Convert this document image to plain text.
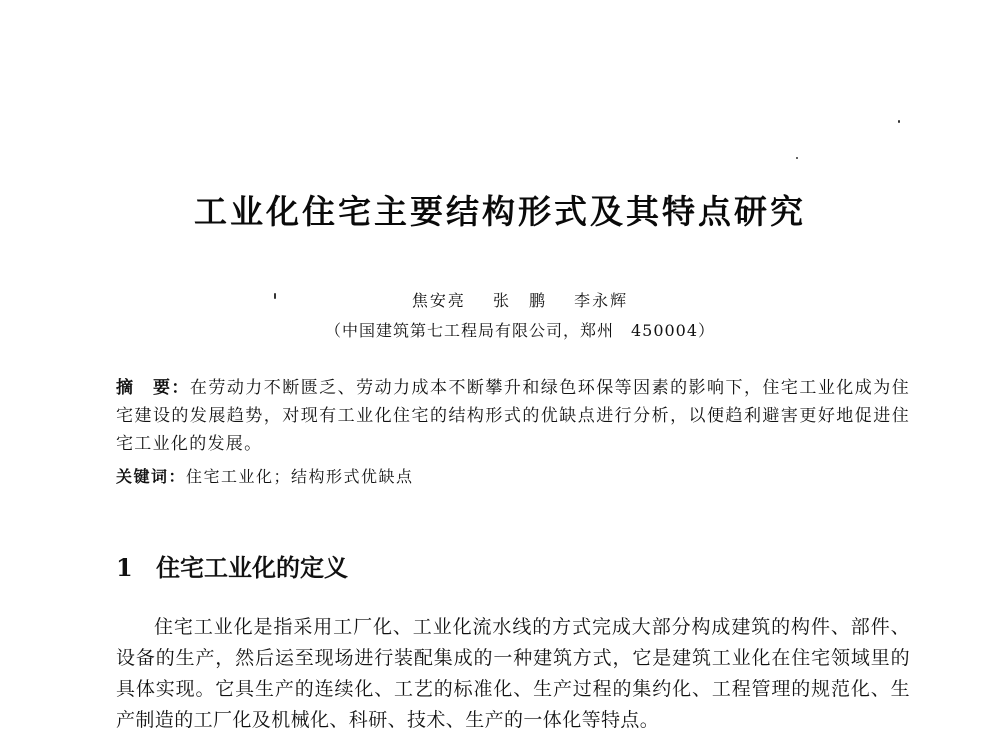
工业化住宅主要结构形式及其特点研究
焦安亮 张　鹏 李永辉
（中国建筑第七工程局有限公司，郑州　450004）
摘　要：在劳动力不断匮乏、劳动力成本不断攀升和绿色环保等因素的影响下，住宅工业化成为住宅建设的发展趋势，对现有工业化住宅的结构形式的优缺点进行分析，以便趋利避害更好地促进住宅工业化的发展。
关键词：住宅工业化；结构形式优缺点
1 住宅工业化的定义
住宅工业化是指采用工厂化、工业化流水线的方式完成大部分构成建筑的构件、部件、设备的生产，然后运至现场进行装配集成的一种建筑方式，它是建筑工业化在住宅领域里的具体实现。它具生产的连续化、工艺的标准化、生产过程的集约化、工程管理的规范化、生产制造的工厂化及机械化、科研、技术、生产的一体化等特点。
